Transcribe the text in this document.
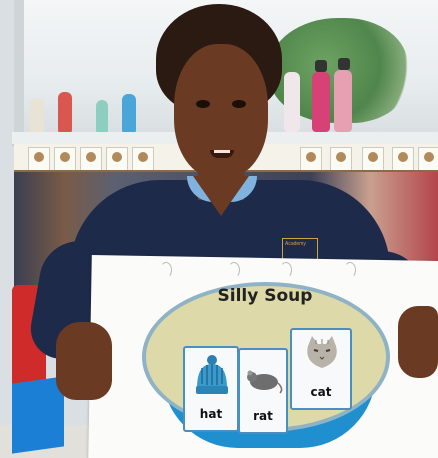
Academy
Silly Soup
hat	rat
cat
